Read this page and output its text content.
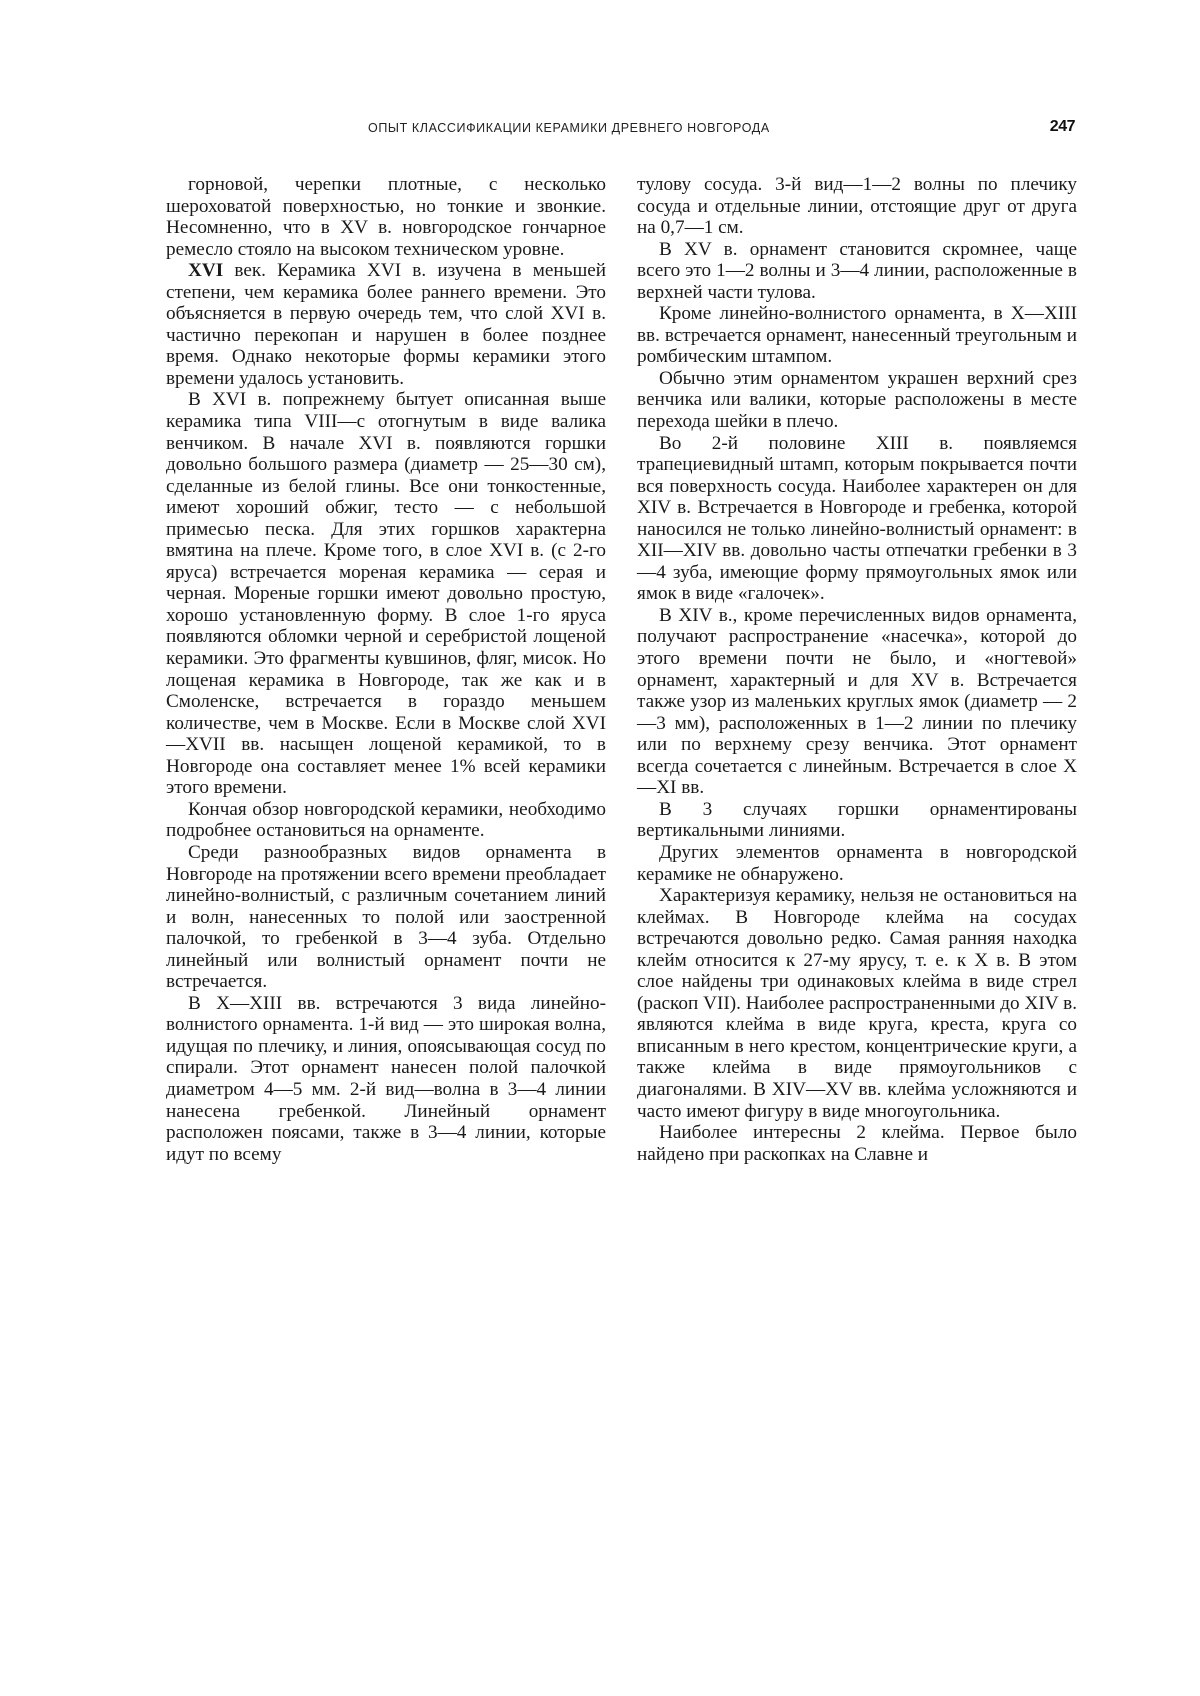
ОПЫТ КЛАССИФИКАЦИИ КЕРАМИКИ ДРЕВНЕГО НОВГОРОДА	247

горновой, черепки плотные, с несколько шероховатой поверхностью, но тонкие и звонкие. Несомненно, что в XV в. новгородское гончарное ремесло стояло на высоком техническом уровне.

XVI век. Керамика XVI в. изучена в меньшей степени, чем керамика более раннего времени. Это объясняется в первую очередь тем, что слой XVI в. частично перекопан и нарушен в более позднее время. Однако некоторые формы керамики этого времени удалось установить.

В XVI в. попрежнему бытует описанная выше керамика типа VIII—с отогнутым в виде валика венчиком. В начале XVI в. появляются горшки довольно большого размера (диаметр — 25—30 см), сделанные из белой глины. Все они тонкостенные, имеют хороший обжиг, тесто — с небольшой примесью песка. Для этих горшков характерна вмятина на плече. Кроме того, в слое XVI в. (с 2-го яруса) встречается мореная керамика — серая и черная. Мореные горшки имеют довольно простую, хорошо установленную форму. В слое 1-го яруса появляются обломки черной и серебристой лощеной керамики. Это фрагменты кувшинов, фляг, мисок. Но лощеная керамика в Новгороде, так же как и в Смоленске, встречается в гораздо меньшем количестве, чем в Москве. Если в Москве слой XVI—XVII вв. насыщен лощеной керамикой, то в Новгороде она составляет менее 1% всей керамики этого времени.

Кончая обзор новгородской керамики, необходимо подробнее остановиться на орнаменте.

Среди разнообразных видов орнамента в Новгороде на протяжении всего времени преобладает линейно-волнистый, с различным сочетанием линий и волн, нанесенных то полой или заостренной палочкой, то гребенкой в 3—4 зуба. Отдельно линейный или волнистый орнамент почти не встречается.

В X—XIII вв. встречаются 3 вида линейно-волнистого орнамента. 1-й вид — это широкая волна, идущая по плечику, и линия, опоясывающая сосуд по спирали. Этот орнамент нанесен полой палочкой диаметром 4—5 мм. 2-й вид—волна в 3—4 линии нанесена гребенкой. Линейный орнамент расположен поясами, также в 3—4 линии, которые идут по всему

тулову сосуда. 3-й вид—1—2 волны по плечику сосуда и отдельные линии, отстоящие друг от друга на 0,7—1 см.

В XV в. орнамент становится скромнее, чаще всего это 1—2 волны и 3—4 линии, расположенные в верхней части тулова.

Кроме линейно-волнистого орнамента, в X—XIII вв. встречается орнамент, нанесенный треугольным и ромбическим штампом.

Обычно этим орнаментом украшен верхний срез венчика или валики, которые расположены в месте перехода шейки в плечо.

Во 2-й половине XIII в. появляемся трапециевидный штамп, которым покрывается почти вся поверхность сосуда. Наиболее характерен он для XIV в. Встречается в Новгороде и гребенка, которой наносился не только линейно-волнистый орнамент: в XII—XIV вв. довольно часты отпечатки гребенки в 3—4 зуба, имеющие форму прямоугольных ямок или ямок в виде «галочек».

В XIV в., кроме перечисленных видов орнамента, получают распространение «насечка», которой до этого времени почти не было, и «ногтевой» орнамент, характерный и для XV в. Встречается также узор из маленьких круглых ямок (диаметр — 2—3 мм), расположенных в 1—2 линии по плечику или по верхнему срезу венчика. Этот орнамент всегда сочетается с линейным. Встречается в слое X—XI вв.

В 3 случаях горшки орнаментированы вертикальными линиями.

Других элементов орнамента в новгородской керамике не обнаружено.

Характеризуя керамику, нельзя не остановиться на клеймах. В Новгороде клейма на сосудах встречаются довольно редко. Самая ранняя находка клейм относится к 27-му ярусу, т. е. к X в. В этом слое найдены три одинаковых клейма в виде стрел (раскоп VII). Наиболее распространенными до XIV в. являются клейма в виде круга, креста, круга со вписанным в него крестом, концентрические круги, а также клейма в виде прямоугольников с диагоналями. В XIV—XV вв. клейма усложняются и часто имеют фигуру в виде многоугольника.

Наиболее интересны 2 клейма. Первое было найдено при раскопках на Славне и
